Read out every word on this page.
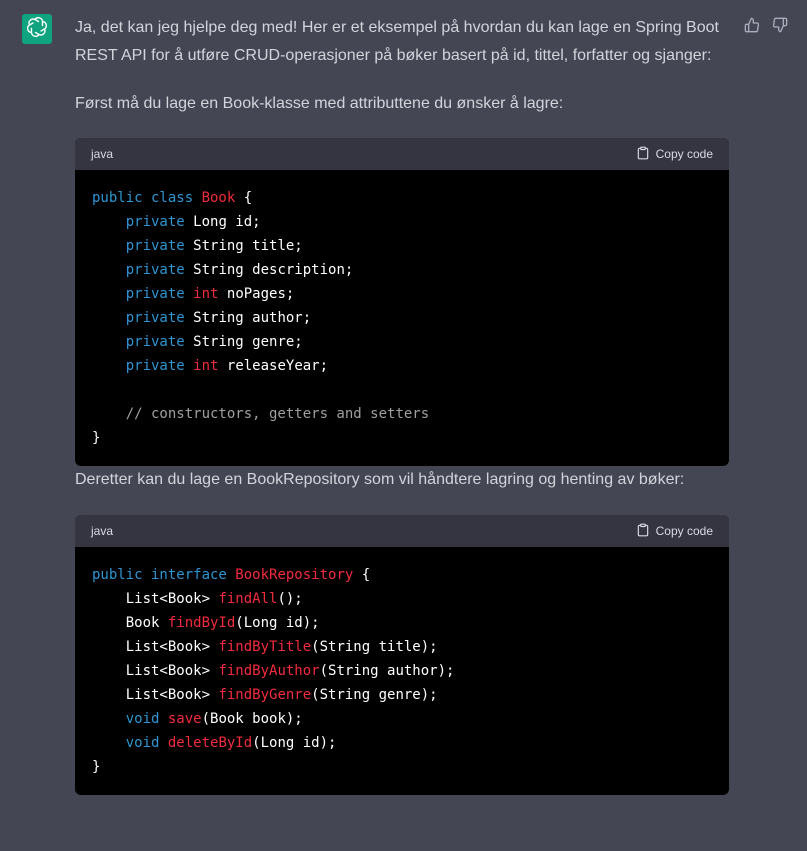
Ja, det kan jeg hjelpe deg med! Her er et eksempel på hvordan du kan lage en Spring Boot REST API for å utføre CRUD-operasjoner på bøker basert på id, tittel, forfatter og sjanger:

Først må du lage en Book-klasse med attributtene du ønsker å lagre:

java	Copy code
public class Book {
private Long id;
private String title;
private String description;
private int noPages;
private String author;
private String genre;
private int releaseYear;

// constructors, getters and setters
}

Deretter kan du lage en BookRepository som vil håndtere lagring og henting av bøker:

java	Copy code
public interface BookRepository {
List<Book> findAll();
Book findById(Long id);
List<Book> findByTitle(String title);
List<Book> findByAuthor(String author);
List<Book> findByGenre(String genre);
void save(Book book);
void deleteById(Long id);
}
